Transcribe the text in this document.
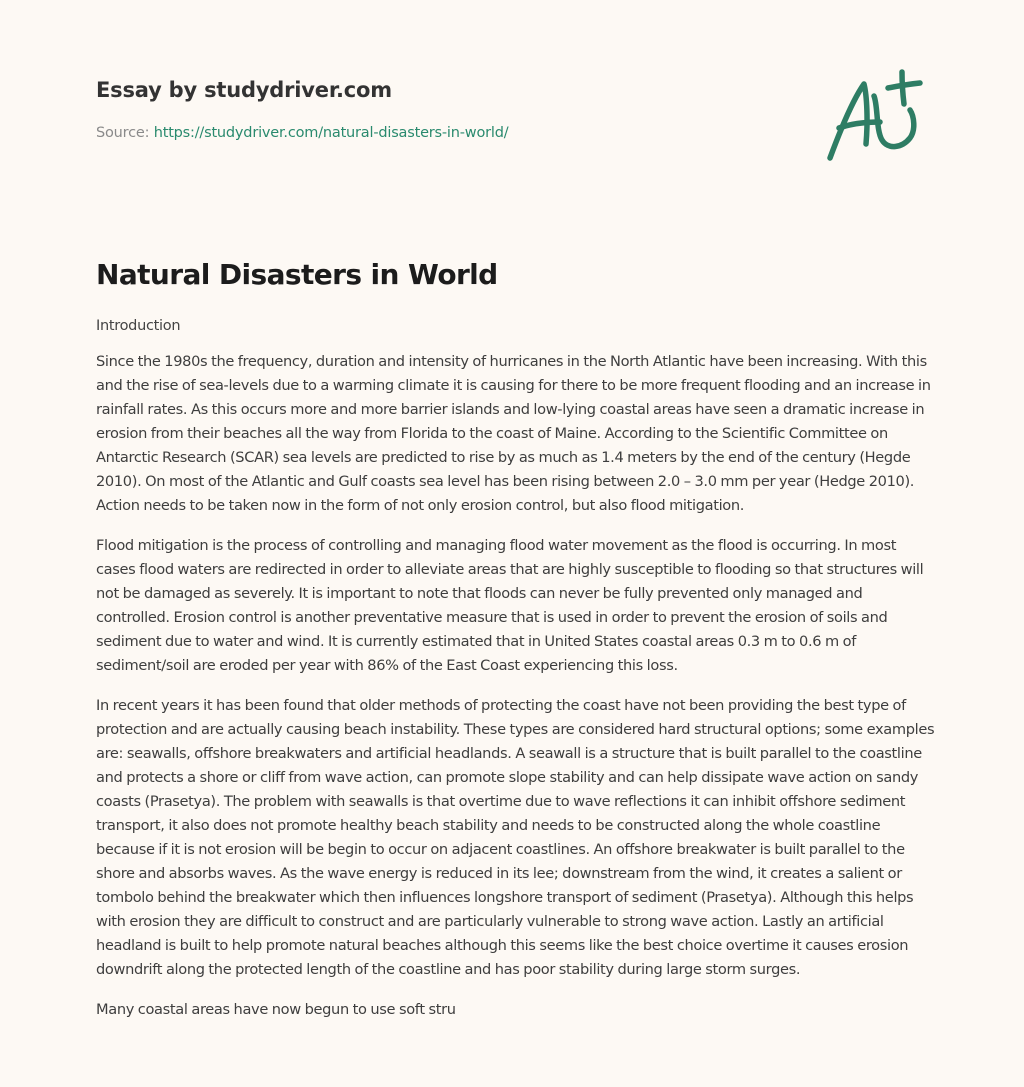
Essay by studydriver.com
Source: https://studydriver.com/natural-disasters-in-world/
Natural Disasters in World
Introduction

Since the 1980s the frequency, duration and intensity of hurricanes in the North Atlantic have been increasing. With this and the rise of sea-levels due to a warming climate it is causing for there to be more frequent flooding and an increase in rainfall rates. As this occurs more and more barrier islands and low-lying coastal areas have seen a dramatic increase in erosion from their beaches all the way from Florida to the coast of Maine. According to the Scientific Committee on Antarctic Research (SCAR) sea levels are predicted to rise by as much as 1.4 meters by the end of the century (Hegde 2010). On most of the Atlantic and Gulf coasts sea level has been rising between 2.0 – 3.0 mm per year (Hedge 2010). Action needs to be taken now in the form of not only erosion control, but also flood mitigation.

Flood mitigation is the process of controlling and managing flood water movement as the flood is occurring. In most cases flood waters are redirected in order to alleviate areas that are highly susceptible to flooding so that structures will not be damaged as severely. It is important to note that floods can never be fully prevented only managed and controlled. Erosion control is another preventative measure that is used in order to prevent the erosion of soils and sediment due to water and wind. It is currently estimated that in United States coastal areas 0.3 m to 0.6 m of sediment/soil are eroded per year with 86% of the East Coast experiencing this loss.

In recent years it has been found that older methods of protecting the coast have not been providing the best type of protection and are actually causing beach instability. These types are considered hard structural options; some examples are: seawalls, offshore breakwaters and artificial headlands. A seawall is a structure that is built parallel to the coastline and protects a shore or cliff from wave action, can promote slope stability and can help dissipate wave action on sandy coasts (Prasetya). The problem with seawalls is that overtime due to wave reflections it can inhibit offshore sediment transport, it also does not promote healthy beach stability and needs to be constructed along the whole coastline because if it is not erosion will be begin to occur on adjacent coastlines. An offshore breakwater is built parallel to the shore and absorbs waves. As the wave energy is reduced in its lee; downstream from the wind, it creates a salient or tombolo behind the breakwater which then influences longshore transport of sediment (Prasetya). Although this helps with erosion they are difficult to construct and are particularly vulnerable to strong wave action. Lastly an artificial headland is built to help promote natural beaches although this seems like the best choice overtime it causes erosion downdrift along the protected length of the coastline and has poor stability during large storm surges.

Many coastal areas have now begun to use soft stru
